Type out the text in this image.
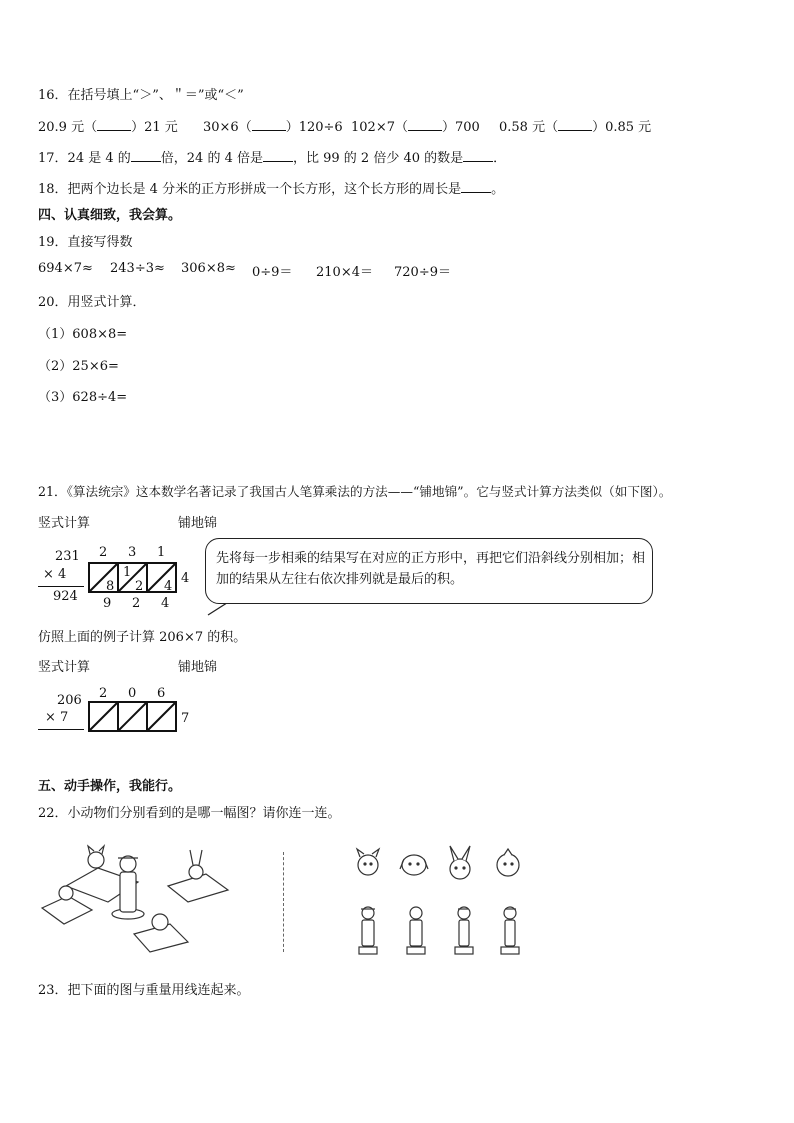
16．在括号填上“＞”、＂＝”或“＜”
20.9 元（	）21 元 30×6（	）120÷6 102×7（	）700 0.58 元（	）0.85 元
17．24 是 4 的 倍，24 的 4 倍是 ，比 99 的 2 倍少 40 的数是 ．
18．把两个边长是 4 分米的正方形拼成一个长方形，这个长方形的周长是 。
四、认真细致，我会算。
19．直接写得数
694×7≈ 243÷3≈ 306×8≈ 0÷9＝ 210×4＝ 720÷9＝
20．用竖式计算．
（1）608×8=
（2）25×6=
（3）628÷4=
21．《算法统宗》这本数学名著记录了我国古人笔算乘法的方法——“铺地锦”。它与竖式计算方法类似（如下图）。
竖式计算	铺地锦
231
× 4
924
2 3 1
8
1
2 4
4
9 2 4
先将每一步相乘的结果写在对应的正方形中，再把它们沿斜线分别相加；相加的结果从左往右依次排列就是最后的积。
仿照上面的例子计算 206×7 的积。
竖式计算	铺地锦
206
× 7
2 0 6
7
五、动手操作，我能行。
22．小动物们分别看到的是哪一幅图？请你连一连。
23．把下面的图与重量用线连起来。
